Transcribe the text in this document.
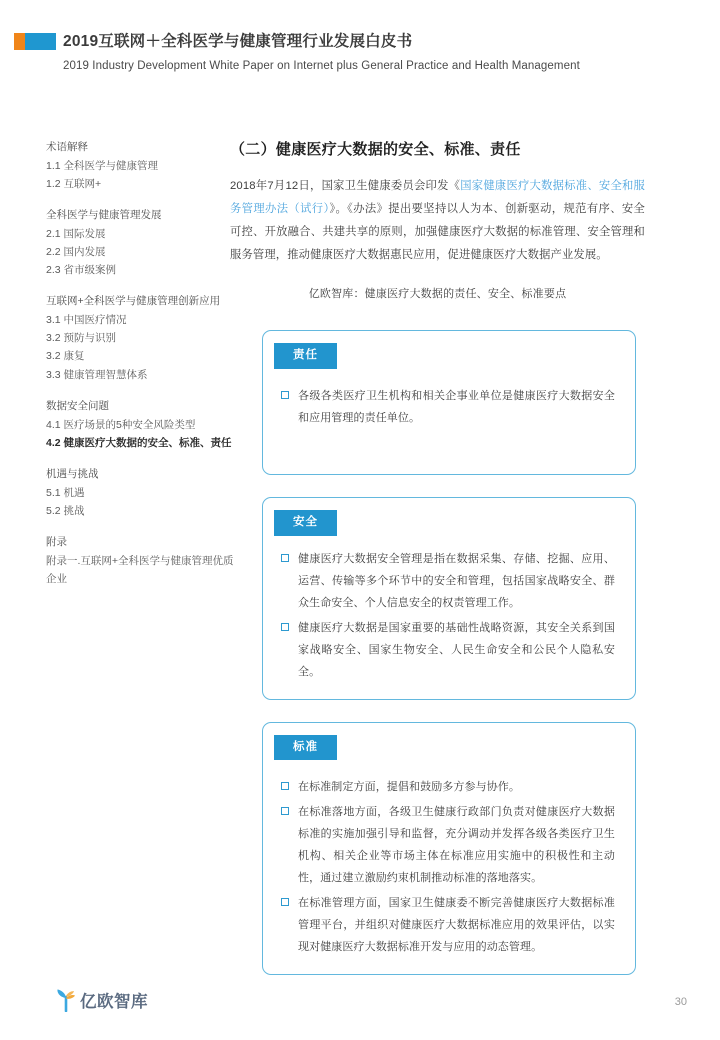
2019互联网＋全科医学与健康管理行业发展白皮书
2019 Industry Development White Paper on Internet plus General Practice and Health Management
术语解释
1.1 全科医学与健康管理
1.2 互联网+
全科医学与健康管理发展
2.1 国际发展
2.2 国内发展
2.3 省市级案例
互联网+全科医学与健康管理创新应用
3.1 中国医疗情况
3.2 预防与识别
3.2 康复
3.3 健康管理智慧体系
数据安全问题
4.1 医疗场景的5种安全风险类型
4.2 健康医疗大数据的安全、标准、责任
机遇与挑战
5.1 机遇
5.2 挑战
附录
附录一.互联网+全科医学与健康管理优质企业
（二）健康医疗大数据的安全、标准、责任

2018年7月12日，国家卫生健康委员会印发《国家健康医疗大数据标准、安全和服务管理办法（试行）》。《办法》提出要坚持以人为本、创新驱动，规范有序、安全可控、开放融合、共建共享的原则，加强健康医疗大数据的标准管理、安全管理和服务管理，推动健康医疗大数据惠民应用，促进健康医疗大数据产业发展。

亿欧智库：健康医疗大数据的责任、安全、标准要点
责任
各级各类医疗卫生机构和相关企事业单位是健康医疗大数据安全和应用管理的责任单位。
安全
健康医疗大数据安全管理是指在数据采集、存储、挖掘、应用、运营、传输等多个环节中的安全和管理，包括国家战略安全、群众生命安全、个人信息安全的权责管理工作。
健康医疗大数据是国家重要的基础性战略资源，其安全关系到国家战略安全、国家生物安全、人民生命安全和公民个人隐私安全。
标准
在标准制定方面，提倡和鼓励多方参与协作。
在标准落地方面，各级卫生健康行政部门负责对健康医疗大数据标准的实施加强引导和监督，充分调动并发挥各级各类医疗卫生机构、相关企业等市场主体在标准应用实施中的积极性和主动性，通过建立激励约束机制推动标准的落地落实。
在标准管理方面，国家卫生健康委不断完善健康医疗大数据标准管理平台，并组织对健康医疗大数据标准应用的效果评估，以实现对健康医疗大数据标准开发与应用的动态管理。
亿欧智库	30
